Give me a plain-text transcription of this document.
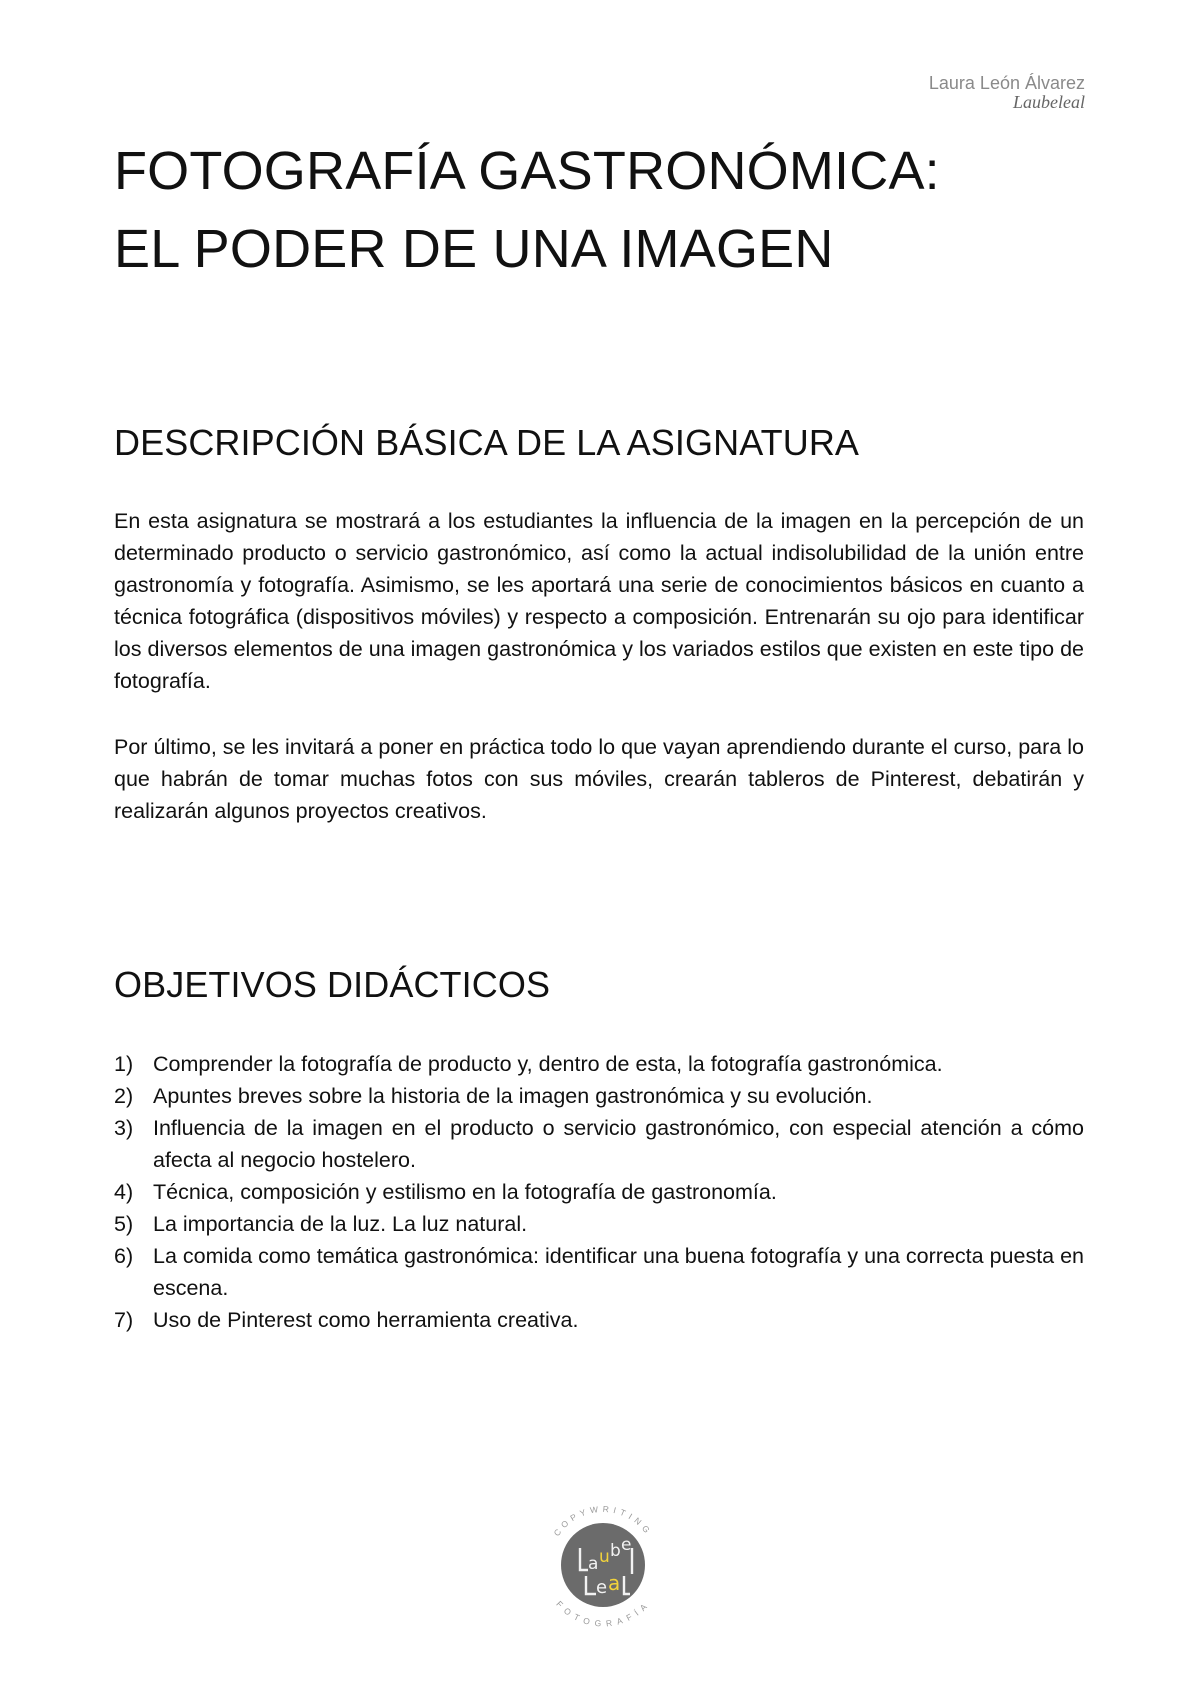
Laura León Álvarez
Laubeleal
FOTOGRAFÍA GASTRONÓMICA:
EL PODER DE UNA IMAGEN
DESCRIPCIÓN BÁSICA DE LA ASIGNATURA

En esta asignatura se mostrará a los estudiantes la influencia de la imagen en la percepción de un determinado producto o servicio gastronómico, así como la actual indisolubilidad de la unión entre gastronomía y fotografía. Asimismo, se les aportará una serie de conocimientos básicos en cuanto a técnica fotográfica (dispositivos móviles) y respecto a composición. Entrenarán su ojo para identificar los diversos elementos de una imagen gastronómica y los variados estilos que existen en este tipo de fotografía.

Por último, se les invitará a poner en práctica todo lo que vayan aprendiendo durante el curso, para lo que habrán de tomar muchas fotos con sus móviles, crearán tableros de Pinterest, debatirán y realizarán algunos proyectos creativos.

OBJETIVOS DIDÁCTICOS
1) Comprender la fotografía de producto y, dentro de esta, la fotografía gastronómica.
2) Apuntes breves sobre la historia de la imagen gastronómica y su evolución.
3) Influencia de la imagen en el producto o servicio gastronómico, con especial atención a cómo afecta al negocio hostelero.
4) Técnica, composición y estilismo en la fotografía de gastronomía.
5) La importancia de la luz. La luz natural.
6) La comida como temática gastronómica: identificar una buena fotografía y una correcta puesta en escena.
7) Uso de Pinterest como herramienta creativa.
COPYWRITING
FOTOGRAFÍA
a u b e
e a
